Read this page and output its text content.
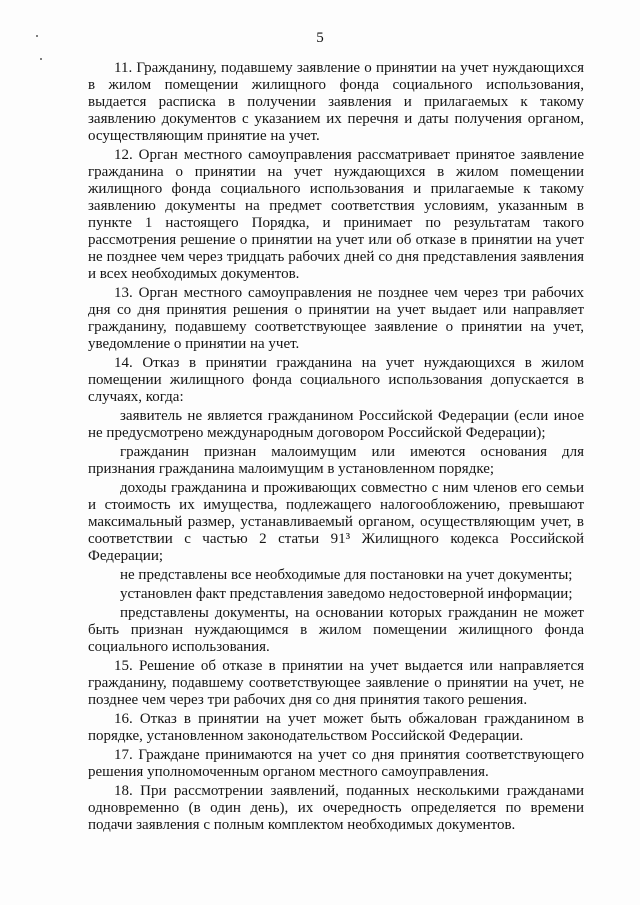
5

11. Гражданину, подавшему заявление о принятии на учет нуждающихся в жилом помещении жилищного фонда социального использования, выдается расписка в получении заявления и прилагаемых к такому заявлению документов с указанием их перечня и даты получения органом, осуществляющим принятие на учет.

12. Орган местного самоуправления рассматривает принятое заявление гражданина о принятии на учет нуждающихся в жилом помещении жилищного фонда социального использования и прилагаемые к такому заявлению документы на предмет соответствия условиям, указанным в пункте 1 настоящего Порядка, и принимает по результатам такого рассмотрения решение о принятии на учет или об отказе в принятии на учет не позднее чем через тридцать рабочих дней со дня представления заявления и всех необходимых документов.

13. Орган местного самоуправления не позднее чем через три рабочих дня со дня принятия решения о принятии на учет выдает или направляет гражданину, подавшему соответствующее заявление о принятии на учет, уведомление о принятии на учет.

14. Отказ в принятии гражданина на учет нуждающихся в жилом помещении жилищного фонда социального использования допускается в случаях, когда:

заявитель не является гражданином Российской Федерации (если иное не предусмотрено международным договором Российской Федерации);

гражданин признан малоимущим или имеются основания для признания гражданина малоимущим в установленном порядке;

доходы гражданина и проживающих совместно с ним членов его семьи и стоимость их имущества, подлежащего налогообложению, превышают максимальный размер, устанавливаемый органом, осуществляющим учет, в соответствии с частью 2 статьи 91³ Жилищного кодекса Российской Федерации;

не представлены все необходимые для постановки на учет документы;

установлен факт представления заведомо недостоверной информации;

представлены документы, на основании которых гражданин не может быть признан нуждающимся в жилом помещении жилищного фонда социального использования.

15. Решение об отказе в принятии на учет выдается или направляется гражданину, подавшему соответствующее заявление о принятии на учет, не позднее чем через три рабочих дня со дня принятия такого решения.

16. Отказ в принятии на учет может быть обжалован гражданином в порядке, установленном законодательством Российской Федерации.

17. Граждане принимаются на учет со дня принятия соответствующего решения уполномоченным органом местного самоуправления.

18. При рассмотрении заявлений, поданных несколькими гражданами одновременно (в один день), их очередность определяется по времени подачи заявления с полным комплектом необходимых документов.
